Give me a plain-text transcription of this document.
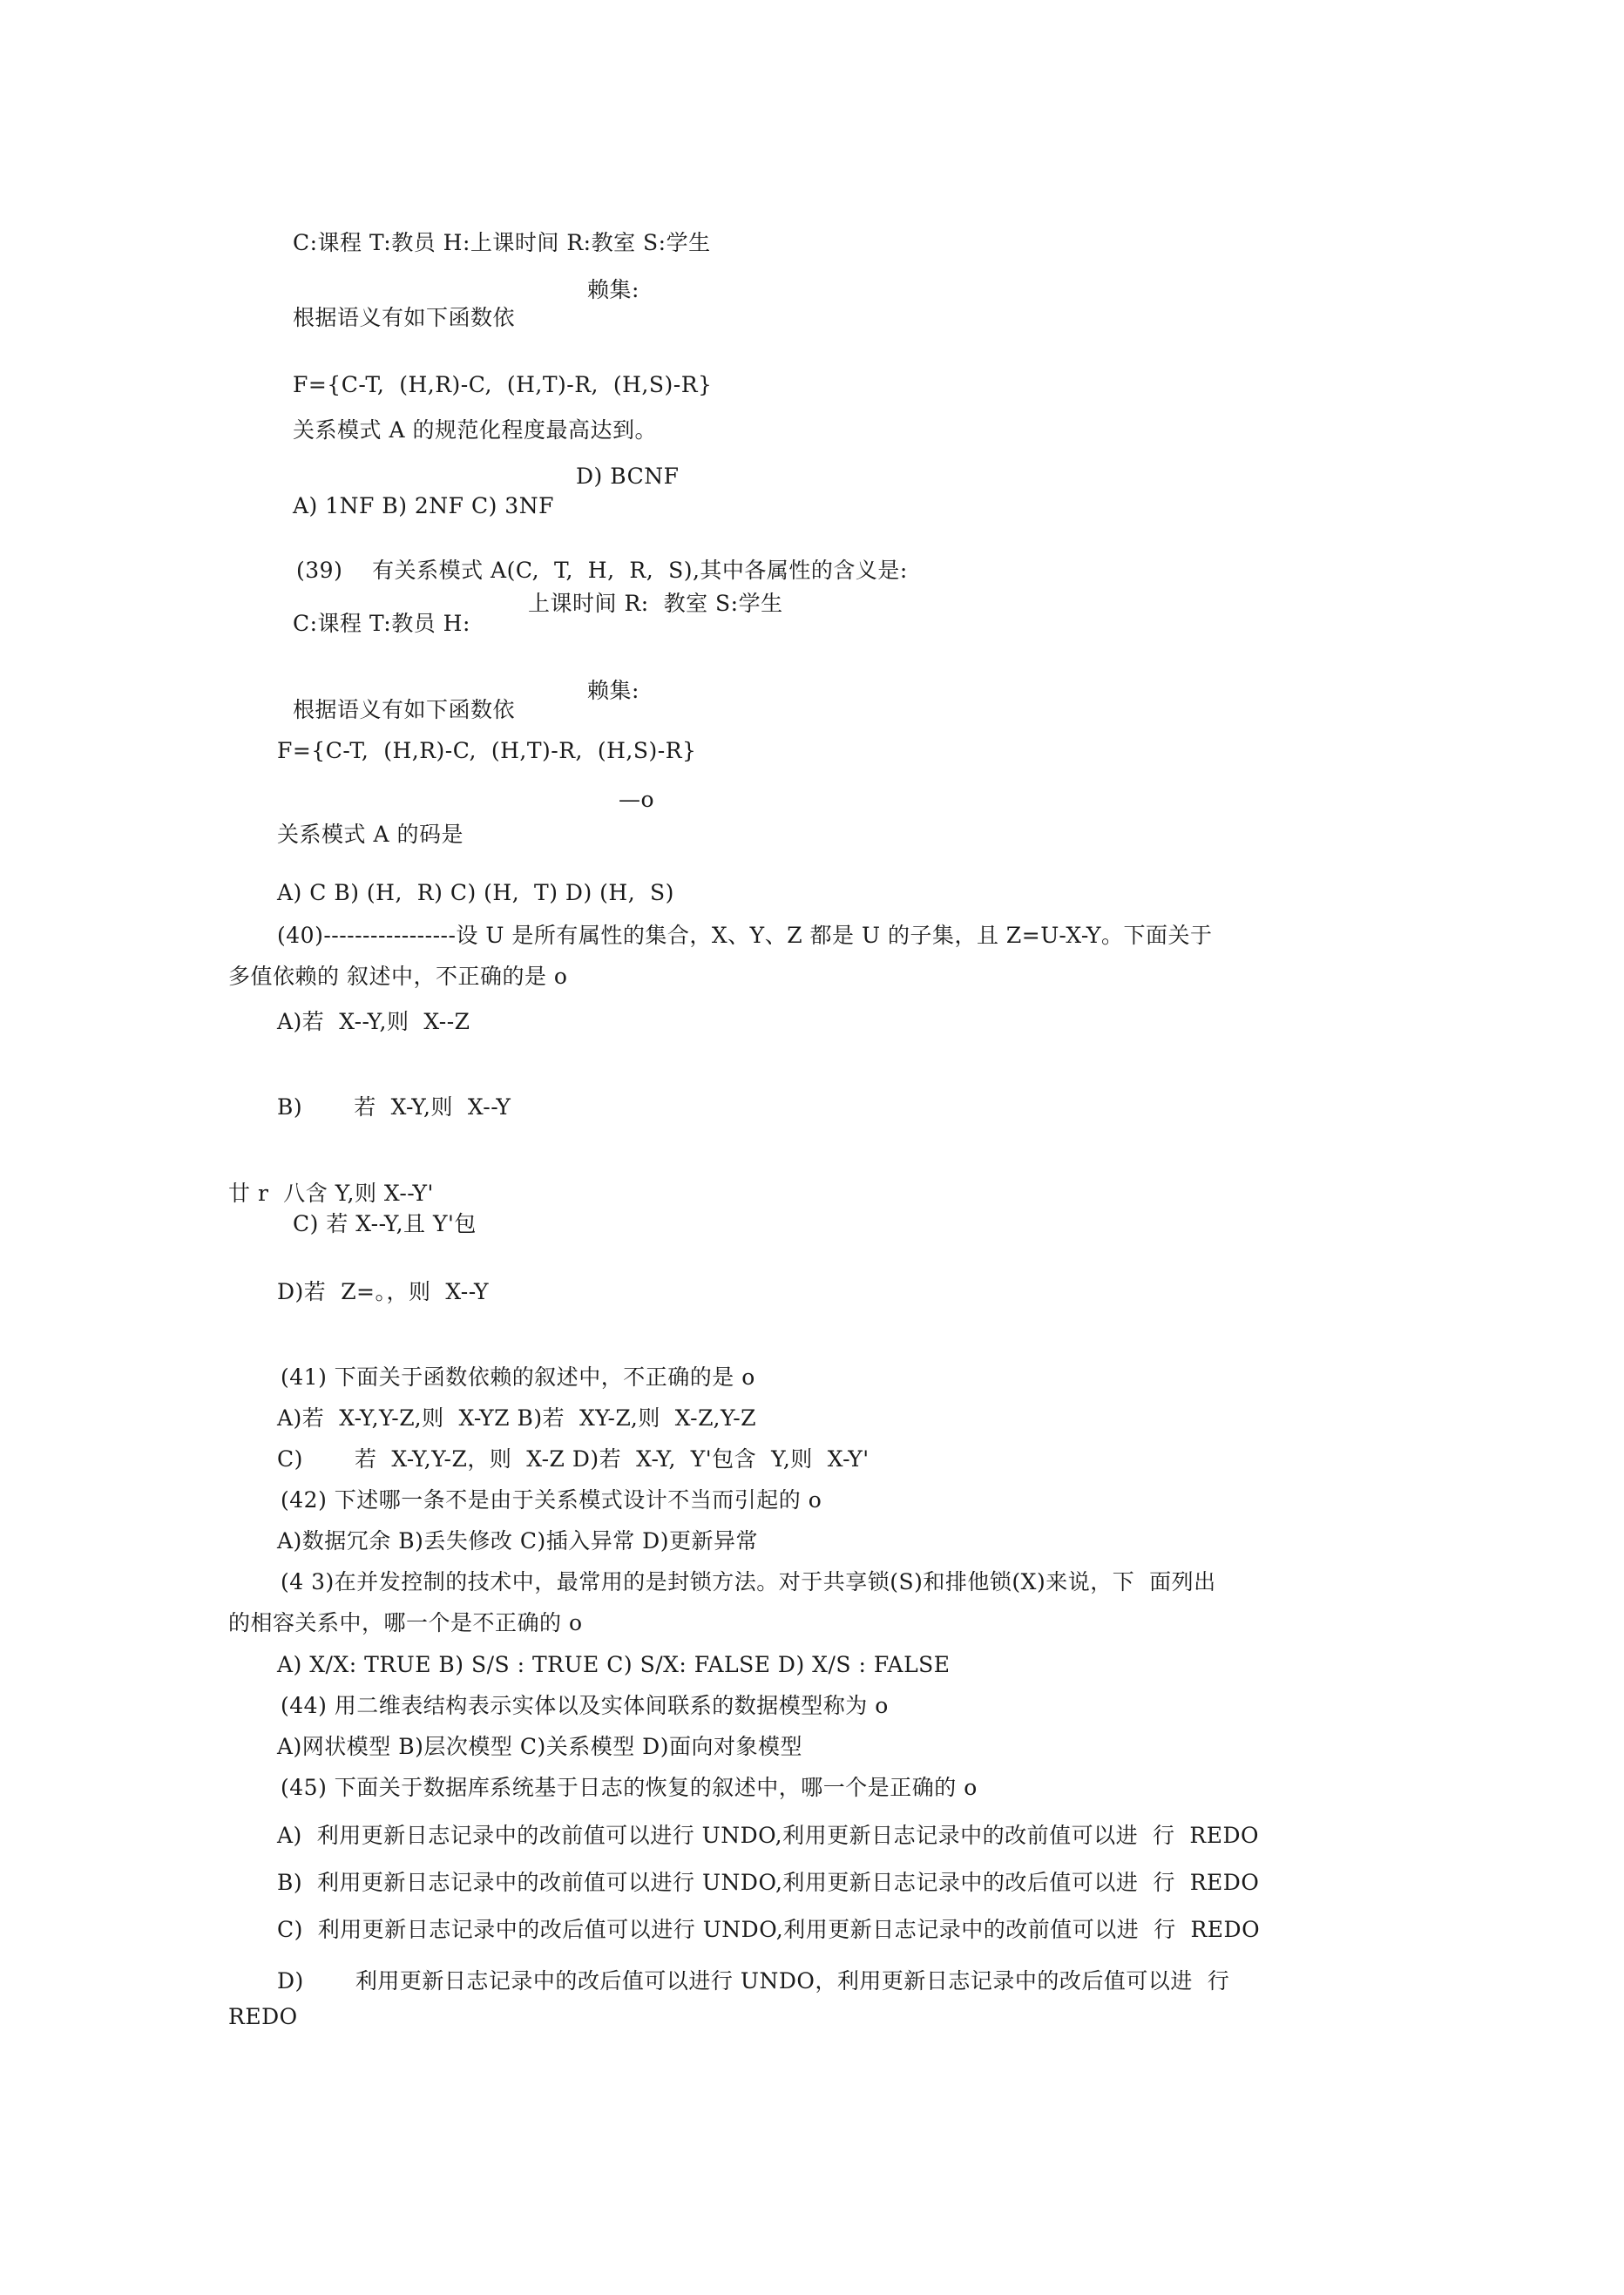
C:课程 T:教员 H:上课时间 R:教室 S:学生
赖集:
根据语义有如下函数依
F={C-T,  (H,R)-C,  (H,T)-R,  (H,S)-R}
关系模式 A 的规范化程度最高达到。
D) BCNF
A) 1NF B) 2NF C) 3NF
(39)    有关系模式 A(C,  T,  H,  R,  S),其中各属性的含义是:
上课时间 R:  教室 S:学生
C:课程 T:教员 H:
赖集:
根据语义有如下函数依
F={C-T,  (H,R)-C,  (H,T)-R,  (H,S)-R}
—o
关系模式 A 的码是
A) C B) (H,  R) C) (H,  T) D) (H,  S)
(40)-----------------设 U 是所有属性的集合，X、Y、Z 都是 U 的子集，且 Z=U-X-Y。下面关于
多值依赖的 叙述中，不正确的是 o
A)若  X--Y,则  X--Z
B)       若  X-Y,则  X--Y
廿 r  八含 Y,则 X--Y'
C) 若 X--Y,且 Y'包
D)若  Z=。，则  X--Y
(41) 下面关于函数依赖的叙述中，不正确的是 o
A)若  X-Y,Y-Z,则  X-YZ B)若  XY-Z,则  X-Z,Y-Z
C)       若  X-Y,Y-Z，则  X-Z D)若  X-Y,  Y'包含  Y,则  X-Y'
(42) 下述哪一条不是由于关系模式设计不当而引起的 o
A)数据冗余 B)丢失修改 C)插入异常 D)更新异常
(4 3)在并发控制的技术中，最常用的是封锁方法。对于共享锁(S)和排他锁(X)来说，下  面列出
的相容关系中，哪一个是不正确的 o
A) X/X: TRUE B) S/S : TRUE C) S/X: FALSE D) X/S : FALSE
(44) 用二维表结构表示实体以及实体间联系的数据模型称为 o
A)网状模型 B)层次模型 C)关系模型 D)面向对象模型
(45) 下面关于数据库系统基于日志的恢复的叙述中，哪一个是正确的 o
A)  利用更新日志记录中的改前值可以进行 UNDO,利用更新日志记录中的改前值可以进  行  REDO
B)  利用更新日志记录中的改前值可以进行 UNDO,利用更新日志记录中的改后值可以进  行  REDO
C)  利用更新日志记录中的改后值可以进行 UNDO,利用更新日志记录中的改前值可以进  行  REDO
D)       利用更新日志记录中的改后值可以进行 UNDO，利用更新日志记录中的改后值可以进  行
REDO
